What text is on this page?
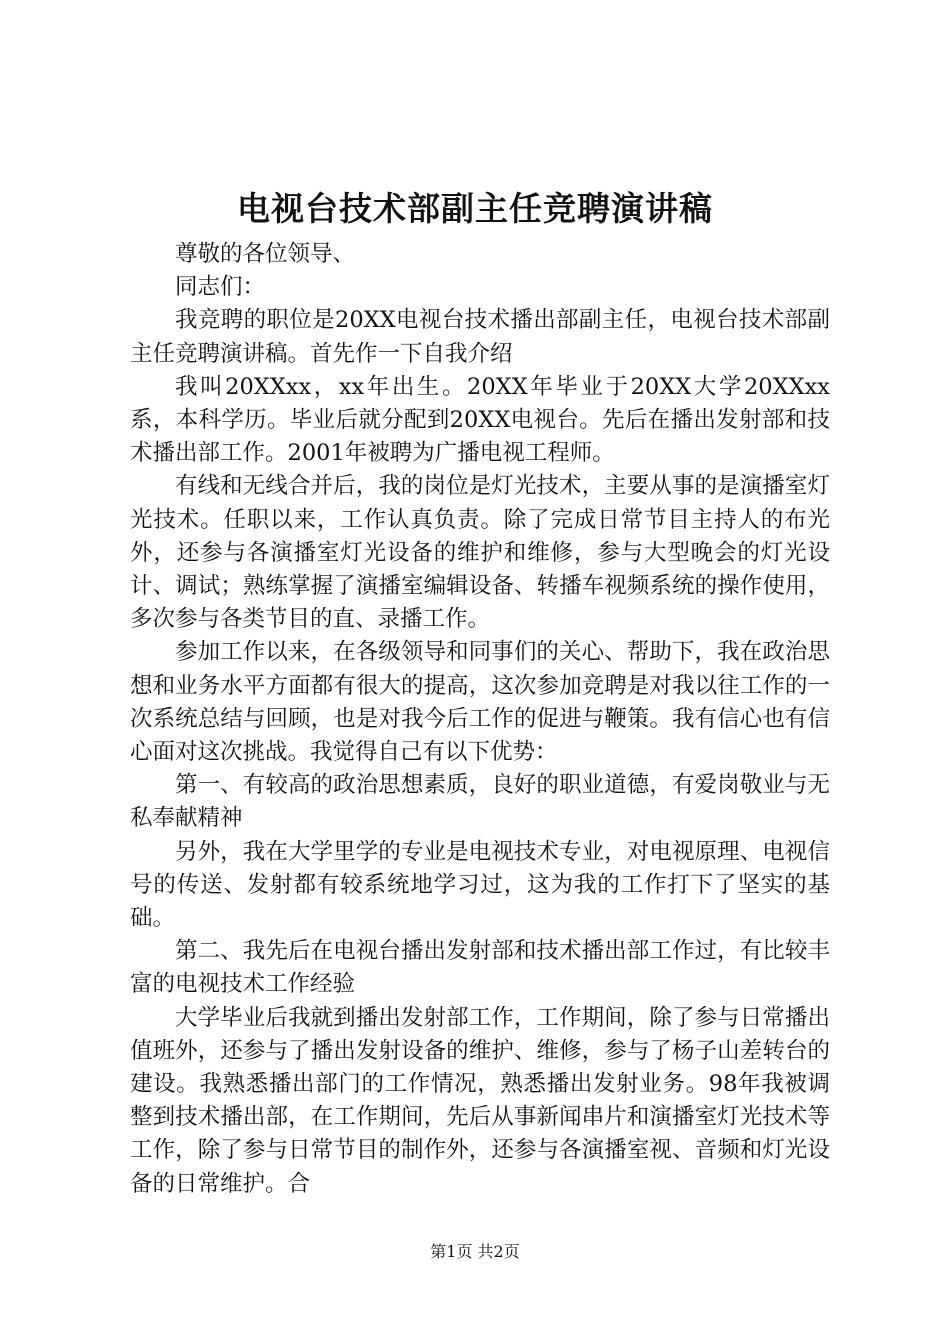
电视台技术部副主任竞聘演讲稿

尊敬的各位领导、

同志们：

我竞聘的职位是20XX电视台技术播出部副主任，电视台技术部副主任竞聘演讲稿。首先作一下自我介绍

我叫20XXxx，xx年出生。20XX年毕业于20XX大学20XXxx系，本科学历。毕业后就分配到20XX电视台。先后在播出发射部和技术播出部工作。2001年被聘为广播电视工程师。

有线和无线合并后，我的岗位是灯光技术，主要从事的是演播室灯光技术。任职以来，工作认真负责。除了完成日常节目主持人的布光外，还参与各演播室灯光设备的维护和维修，参与大型晚会的灯光设计、调试；熟练掌握了演播室编辑设备、转播车视频系统的操作使用，多次参与各类节目的直、录播工作。

参加工作以来，在各级领导和同事们的关心、帮助下，我在政治思想和业务水平方面都有很大的提高，这次参加竞聘是对我以往工作的一次系统总结与回顾，也是对我今后工作的促进与鞭策。我有信心也有信心面对这次挑战。我觉得自己有以下优势：

第一、有较高的政治思想素质，良好的职业道德，有爱岗敬业与无私奉献精神

另外，我在大学里学的专业是电视技术专业，对电视原理、电视信号的传送、发射都有较系统地学习过，这为我的工作打下了坚实的基础。

第二、我先后在电视台播出发射部和技术播出部工作过，有比较丰富的电视技术工作经验

大学毕业后我就到播出发射部工作，工作期间，除了参与日常播出值班外，还参与了播出发射设备的维护、维修，参与了杨子山差转台的建设。我熟悉播出部门的工作情况，熟悉播出发射业务。98年我被调整到技术播出部，在工作期间，先后从事新闻串片和演播室灯光技术等工作，除了参与日常节目的制作外，还参与各演播室视、音频和灯光设备的日常维护。合

第1页 共2页
